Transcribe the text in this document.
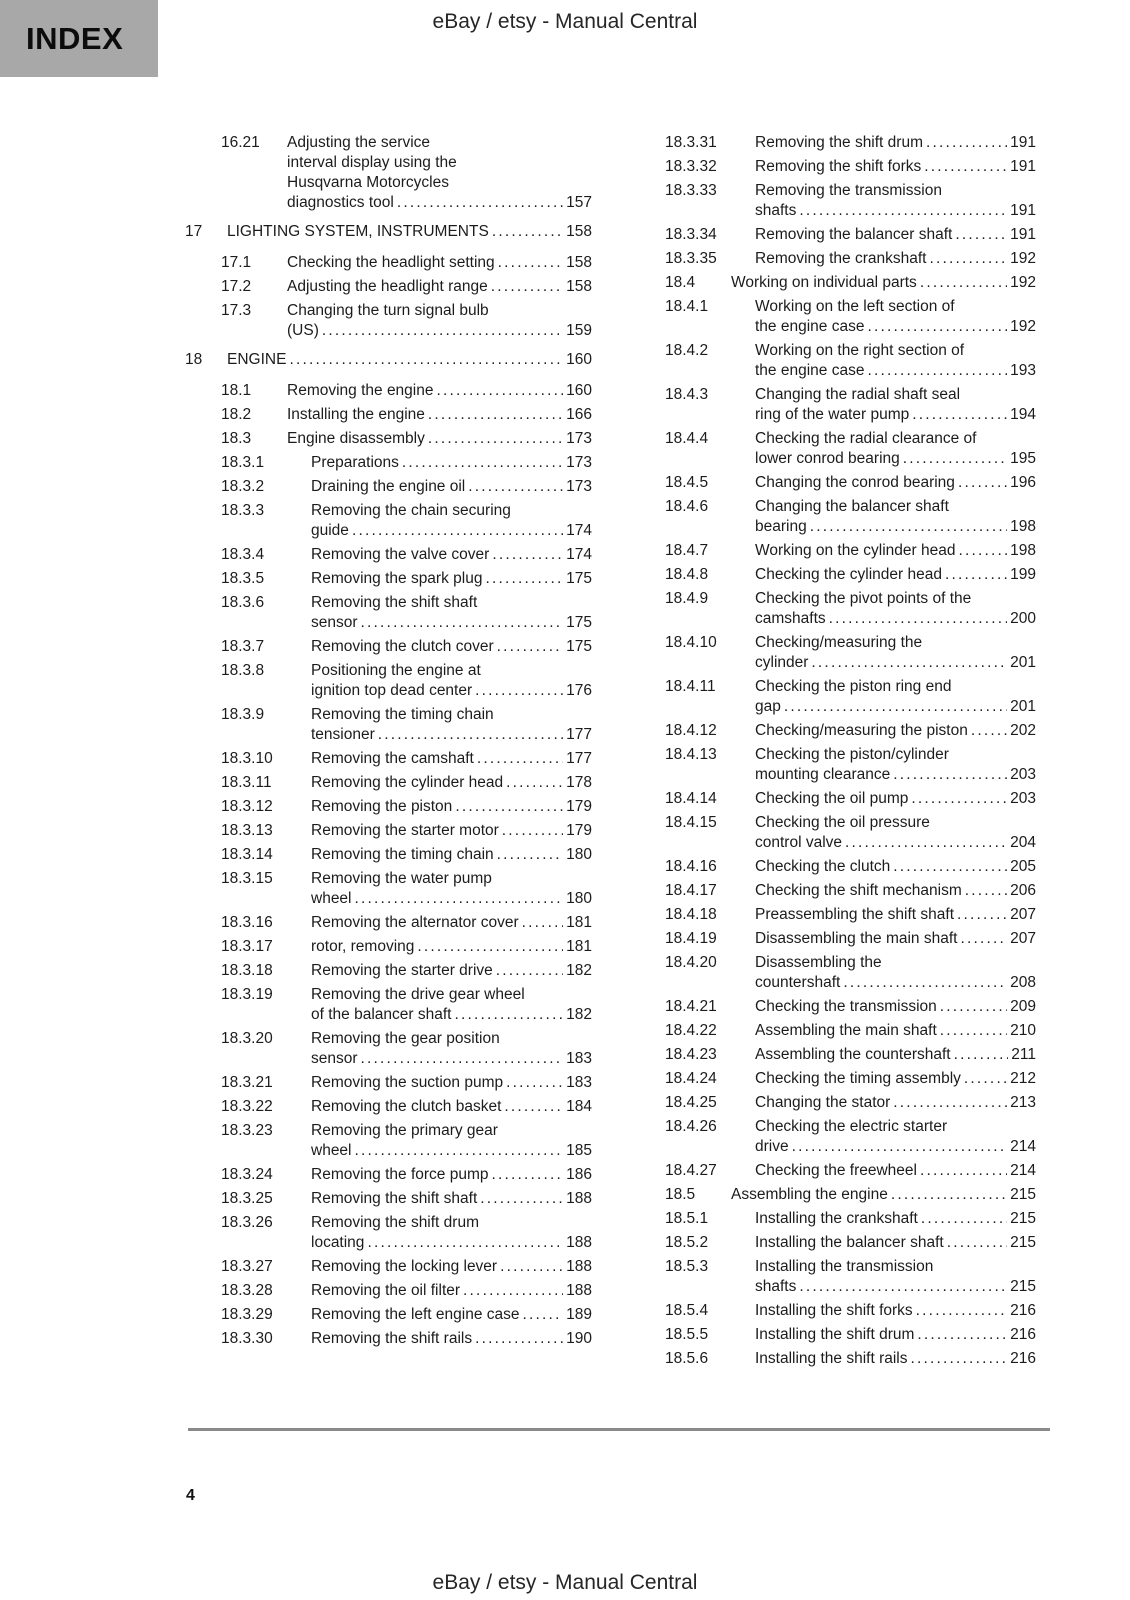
INDEX	eBay / etsy - Manual Central
16.21	Adjusting the service
interval display using the
Husqvarna Motorcycles
diagnostics tool .....	157
17	LIGHTING SYSTEM, INSTRUMENTS .....	158
17.1	Checking the headlight setting .....	158
17.2	Adjusting the headlight range .....	158
17.3	Changing the turn signal bulb
(US) .....	159
18	ENGINE .....	160
18.1	Removing the engine .....	160
18.2	Installing the engine .....	166
18.3	Engine disassembly .....	173
18.3.1	Preparations .....	173
18.3.2	Draining the engine oil .....	173
18.3.3	Removing the chain securing
guide .....	174
18.3.4	Removing the valve cover .....	174
18.3.5	Removing the spark plug .....	175
18.3.6	Removing the shift shaft
sensor .....	175
18.3.7	Removing the clutch cover .....	175
18.3.8	Positioning the engine at
ignition top dead center .....	176
18.3.9	Removing the timing chain
tensioner .....	177
18.3.10	Removing the camshaft .....	177
18.3.11	Removing the cylinder head .....	178
18.3.12	Removing the piston .....	179
18.3.13	Removing the starter motor .....	179
18.3.14	Removing the timing chain .....	180
18.3.15	Removing the water pump
wheel .....	180
18.3.16	Removing the alternator cover .....	181
18.3.17	rotor, removing .....	181
18.3.18	Removing the starter drive .....	182
18.3.19	Removing the drive gear wheel
of the balancer shaft .....	182
18.3.20	Removing the gear position
sensor .....	183
18.3.21	Removing the suction pump .....	183
18.3.22	Removing the clutch basket .....	184
18.3.23	Removing the primary gear
wheel .....	185
18.3.24	Removing the force pump .....	186
18.3.25	Removing the shift shaft .....	188
18.3.26	Removing the shift drum
locating .....	188
18.3.27	Removing the locking lever .....	188
18.3.28	Removing the oil filter .....	188
18.3.29	Removing the left engine case .....	189
18.3.30	Removing the shift rails .....	190
18.3.31	Removing the shift drum .....	191
18.3.32	Removing the shift forks .....	191
18.3.33	Removing the transmission
shafts .....	191
18.3.34	Removing the balancer shaft .....	191
18.3.35	Removing the crankshaft .....	192
18.4	Working on individual parts .....	192
18.4.1	Working on the left section of
the engine case .....	192
18.4.2	Working on the right section of
the engine case .....	193
18.4.3	Changing the radial shaft seal
ring of the water pump .....	194
18.4.4	Checking the radial clearance of
lower conrod bearing .....	195
18.4.5	Changing the conrod bearing .....	196
18.4.6	Changing the balancer shaft
bearing .....	198
18.4.7	Working on the cylinder head .....	198
18.4.8	Checking the cylinder head .....	199
18.4.9	Checking the pivot points of the
camshafts .....	200
18.4.10	Checking/measuring the
cylinder .....	201
18.4.11	Checking the piston ring end
gap .....	201
18.4.12	Checking/measuring the piston .....	202
18.4.13	Checking the piston/cylinder
mounting clearance .....	203
18.4.14	Checking the oil pump .....	203
18.4.15	Checking the oil pressure
control valve .....	204
18.4.16	Checking the clutch .....	205
18.4.17	Checking the shift mechanism .....	206
18.4.18	Preassembling the shift shaft .....	207
18.4.19	Disassembling the main shaft .....	207
18.4.20	Disassembling the
countershaft .....	208
18.4.21	Checking the transmission .....	209
18.4.22	Assembling the main shaft .....	210
18.4.23	Assembling the countershaft .....	211
18.4.24	Checking the timing assembly .....	212
18.4.25	Changing the stator .....	213
18.4.26	Checking the electric starter
drive .....	214
18.4.27	Checking the freewheel .....	214
18.5	Assembling the engine .....	215
18.5.1	Installing the crankshaft .....	215
18.5.2	Installing the balancer shaft .....	215
18.5.3	Installing the transmission
shafts .....	215
18.5.4	Installing the shift forks .....	216
18.5.5	Installing the shift drum .....	216
18.5.6	Installing the shift rails .....	216
4
eBay / etsy - Manual Central
